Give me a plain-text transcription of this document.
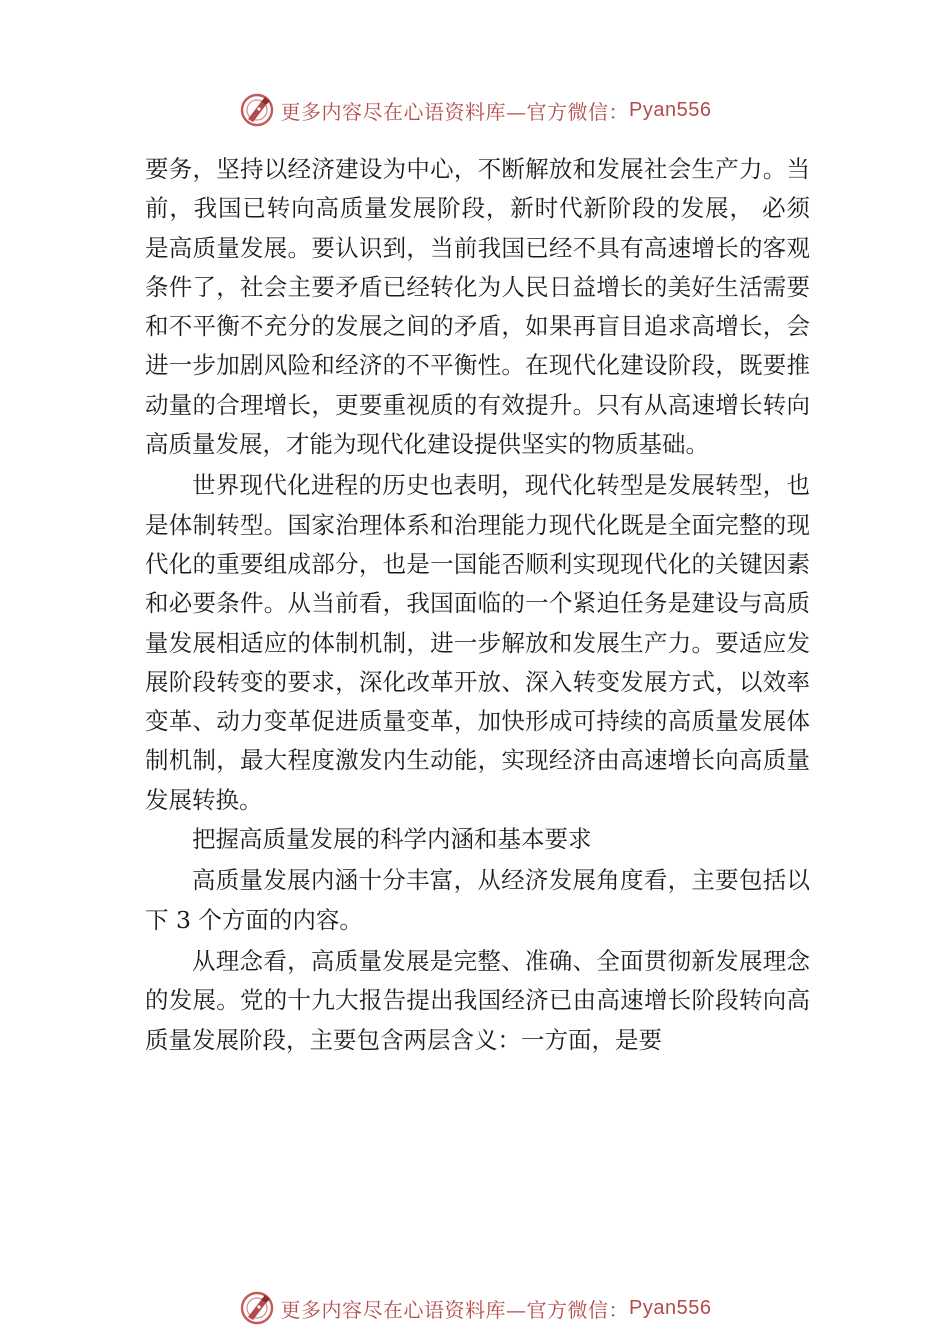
更多内容尽在心语资料库—官方微信： Pyan556

要务，坚持以经济建设为中心，不断解放和发展社会生产力。当前，我国已转向高质量发展阶段，新时代新阶段的发展， 必须是高质量发展。要认识到，当前我国已经不具有高速增长的客观条件了，社会主要矛盾已经转化为人民日益增长的美好生活需要和不平衡不充分的发展之间的矛盾，如果再盲目追求高增长，会进一步加剧风险和经济的不平衡性。在现代化建设阶段，既要推动量的合理增长，更要重视质的有效提升。只有从高速增长转向高质量发展，才能为现代化建设提供坚实的物质基础。

世界现代化进程的历史也表明，现代化转型是发展转型，也是体制转型。国家治理体系和治理能力现代化既是全面完整的现代化的重要组成部分，也是一国能否顺利实现现代化的关键因素和必要条件。从当前看，我国面临的一个紧迫任务是建设与高质量发展相适应的体制机制，进一步解放和发展生产力。要适应发展阶段转变的要求，深化改革开放、深入转变发展方式，以效率变革、动力变革促进质量变革，加快形成可持续的高质量发展体制机制，最大程度激发内生动能，实现经济由高速增长向高质量发展转换。

把握高质量发展的科学内涵和基本要求

高质量发展内涵十分丰富，从经济发展角度看，主要包括以下 3 个方面的内容。

从理念看，高质量发展是完整、准确、全面贯彻新发展理念的发展。党的十九大报告提出我国经济已由高速增长阶段转向高质量发展阶段，主要包含两层含义：一方面，是要

更多内容尽在心语资料库—官方微信： Pyan556
